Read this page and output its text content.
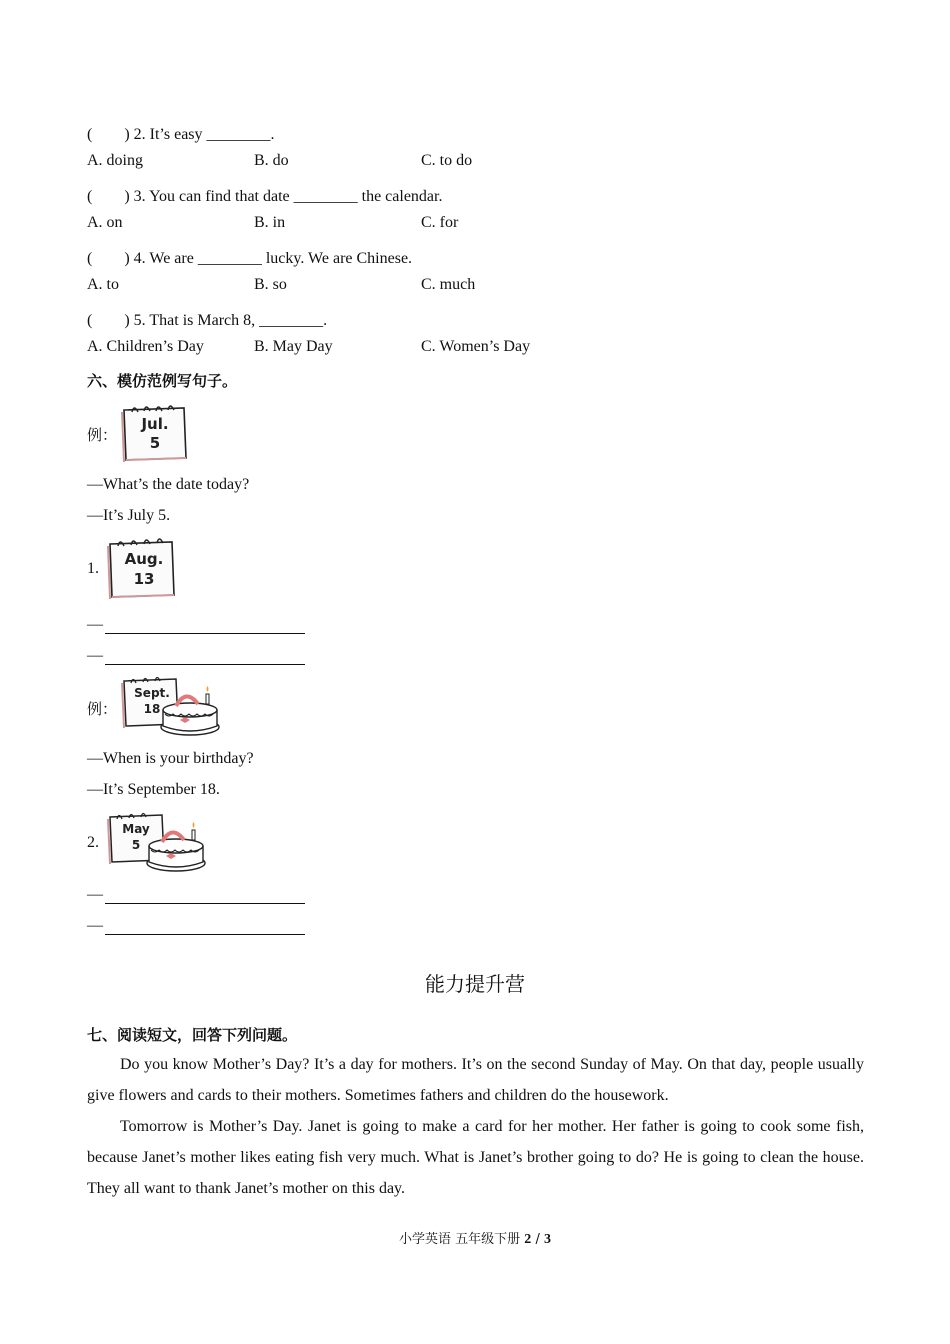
(　　) 2. It’s easy ________.
A. doing	B. do	C. to do
(　　) 3. You can find that date ________ the calendar.
A. on	B. in	C. for
(　　) 4. We are ________ lucky. We are Chinese.
A. to	B. so	C. much
(　　) 5. That is March 8, ________.
A. Children’s Day	B. May Day	C. Women’s Day
六、模仿范例写句子。
例：
Jul.
5
—What’s the date today?
—It’s July 5.
1.
Aug.
13
—
—
例：
Sept.
18
—When is your birthday?
—It’s September 18.
2.
May
5
—
—
能力提升营
七、阅读短文，回答下列问题。
Do you know Mother’s Day? It’s a day for mothers. It’s on the second Sunday of May. On that day, people usually give flowers and cards to their mothers. Sometimes fathers and children do the housework.
Tomorrow is Mother’s Day. Janet is going to make a card for her mother. Her father is going to cook some fish, because Janet’s mother likes eating fish very much. What is Janet’s brother going to do? He is going to clean the house. They all want to thank Janet’s mother on this day.
小学英语 五年级下册 2 / 3
